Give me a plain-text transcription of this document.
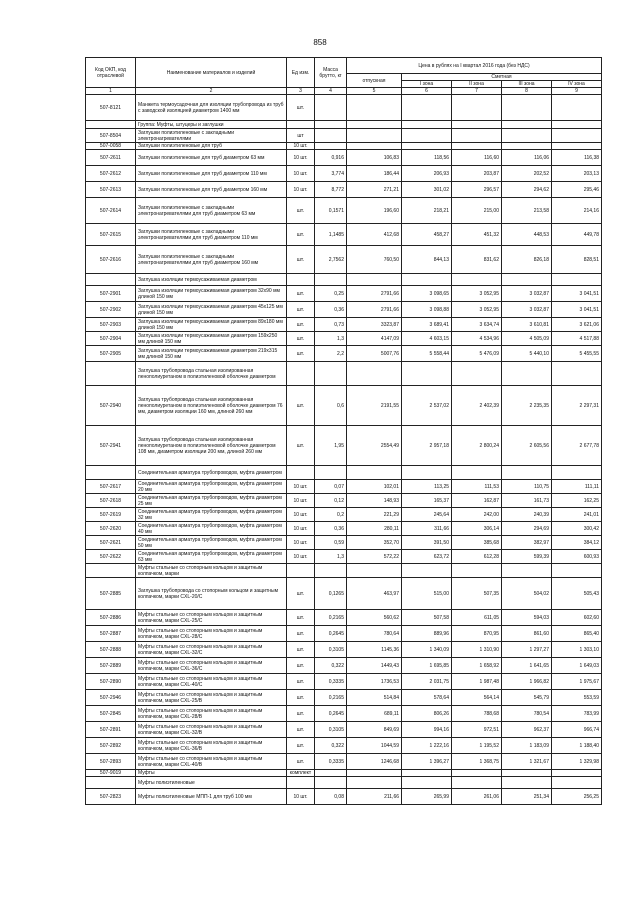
858
Код ОКП, код отраслевой	Наименование материалов и изделий	Ед изм.	Масса брутто, кг	Цена в рублях на I квартал 2016 года (без НДС)				
				отпускная	Сметная			
					I зона	II зона	III зона	IV зона
1	2	3	4	5	6	7	8	9
507-8121	Манжета термоусадочная для изоляции трубопровода из труб с заводской изоляцией диаметром 1400 мм	шт.						
	Группа: Муфты, штуцеры и заглушки							
507-8504	Заглушки полиэтиленовые с закладными электронагревателями	шт						
507-0058	Заглушки полиэтиленовые для труб	10 шт.						
507-2611	Заглушки полиэтиленовые для труб диаметром 63 мм	10 шт.	0,916	106,83	118,56	116,60	116,06	116,38
507-2612	Заглушки полиэтиленовые для труб диаметром 110 мм	10 шт.	3,774	186,44	206,93	203,87	202,52	203,13
507-2613	Заглушки полиэтиленовые для труб диаметром 160 мм	10 шт.	8,772	271,21	301,02	296,57	294,62	295,46
507-2614	Заглушки полиэтиленовые с закладными электронагревателями для труб диаметром 63 мм	шт.	0,1571	196,60	218,21	215,00	213,58	214,16
507-2615	Заглушки полиэтиленовые с закладными электронагревателями для труб диаметром 110 мм	шт.	1,1485	412,68	458,27	451,32	448,53	449,78
507-2616	Заглушки полиэтиленовые с закладными электронагревателями для труб диаметром 160 мм	шт.	2,7562	760,50	844,13	831,62	826,18	828,51
	Заглушка изоляции термоусаживаемая диаметром							
507-2901	Заглушка изоляции термоусаживаемая диаметром 32x90 мм длиной 150 мм	шт.	0,25	2791,66	3 098,65	3 052,95	3 032,87	3 041,51
507-2902	Заглушка изоляции термоусаживаемая диаметром 45x125 мм длиной 150 мм	шт.	0,36	2791,66	3 098,88	3 052,95	3 032,87	3 041,51
507-2903	Заглушка изоляции термоусаживаемая диаметром 89x180 мм длиной 150 мм	шт.	0,73	3323,87	3 689,41	3 634,74	3 610,81	3 621,06
507-2904	Заглушка изоляции термоусаживаемая диаметром 159x250 мм длиной 150 мм	шт.	1,3	4147,09	4 603,15	4 534,96	4 505,09	4 517,88
507-2905	Заглушка изоляции термоусаживаемая диаметром 219x315 мм длиной 150 мм	шт.	2,2	5007,76	5 558,44	5 476,09	5 440,10	5 455,55
	Заглушка трубопровода стальная изолированная пенополиуретаном в полиэтиленовой оболочке диаметром							
507-2940	Заглушка трубопровода стальная изолированная пенополиуретаном в полиэтиленовой оболочке диаметром 76 мм, диаметром изоляции 160 мм, длиной 260 мм	шт.	0,6	2191,55	2 537,02	2 402,39	2 235,35	2 297,31
507-2941	Заглушка трубопровода стальная изолированная пенополиуретаном в полиэтиленовой оболочке диаметром 108 мм, диаметром изоляции 200 мм, длиной 260 мм	шт.	1,95	2554,49	2 957,18	2 800,24	2 605,56	2 677,78
	Соединительная арматура трубопроводов, муфта диаметром							
507-2617	Соединительная арматура трубопроводов, муфта диаметром 20 мм	10 шт.	0,07	102,01	113,25	111,53	110,75	111,11
507-2618	Соединительная арматура трубопроводов, муфта диаметром 25 мм	10 шт.	0,12	148,93	165,37	162,87	161,73	162,25
507-2619	Соединительная арматура трубопроводов, муфта диаметром 32 мм	10 шт.	0,2	221,29	245,64	242,00	240,39	241,01
507-2620	Соединительная арматура трубопроводов, муфта диаметром 40 мм	10 шт.	0,36	280,11	311,66	306,14	294,69	300,42
507-2621	Соединительная арматура трубопроводов, муфта диаметром 50 мм	10 шт.	0,59	352,70	391,50	385,68	382,97	384,12
507-2622	Соединительная арматура трубопроводов, муфта диаметром 63 мм	10 шт.	1,3	572,22	623,72	612,28	599,39	600,93
	Муфты стальные со стопорным кольцом и защитным колпачком, марки							
507-2885	Заглушка трубопровода со стопорным кольцом и защитным колпачком, марки CXL-20/C	шт.	0,1265	463,97	515,00	507,35	504,02	505,43
507-2886	Муфты стальные со стопорным кольцом и защитным колпачком, марки CXL-25/C	шт.	0,2165	560,62	507,58	611,05	594,03	602,60
507-2887	Муфты стальные со стопорным кольцом и защитным колпачком, марки CXL-28/C	шт.	0,2645	780,64	889,96	870,95	861,60	865,40
507-2888	Муфты стальные со стопорным кольцом и защитным колпачком, марки CXL-32/C	шт.	0,3105	1145,36	1 340,09	1 310,90	1 297,27	1 303,10
507-2889	Муфты стальные со стопорным кольцом и защитным колпачком, марки CXL-36/C	шт.	0,322	1449,43	1 695,85	1 658,92	1 641,65	1 649,03
507-2890	Муфты стальные со стопорным кольцом и защитным колпачком, марки CXL-40/C	шт.	0,3335	1736,53	2 031,75	1 987,48	1 966,82	1 975,67
507-2946	Муфты стальные со стопорным кольцом и защитным колпачком, марки CXL-25/B	шт.	0,2165	514,84	578,64	564,14	545,79	553,59
507-2845	Муфты стальные со стопорным кольцом и защитным колпачком, марки CXL-28/B	шт.	0,2645	689,11	806,26	788,68	780,54	783,99
507-2891	Муфты стальные со стопорным кольцом и защитным колпачком, марки CXL-32/B	шт.	0,3105	849,69	994,16	972,51	962,37	966,74
507-2892	Муфты стальные со стопорным кольцом и защитным колпачком, марки CXL-36/B	шт.	0,322	1044,59	1 222,16	1 195,52	1 183,09	1 188,40
507-2893	Муфты стальные со стопорным кольцом и защитным колпачком, марки CXL-40/B	шт.	0,3335	1246,68	1 396,27	1 368,75	1 321,67	1 329,98
507-9019	Муфты	комплект						
	Муфты полиэтиленовые							
507-2823	Муфты полиэтиленовые МПП-1 для труб 100 мм	10 шт.	0,08	211,66	265,99	261,06	251,34	256,25
